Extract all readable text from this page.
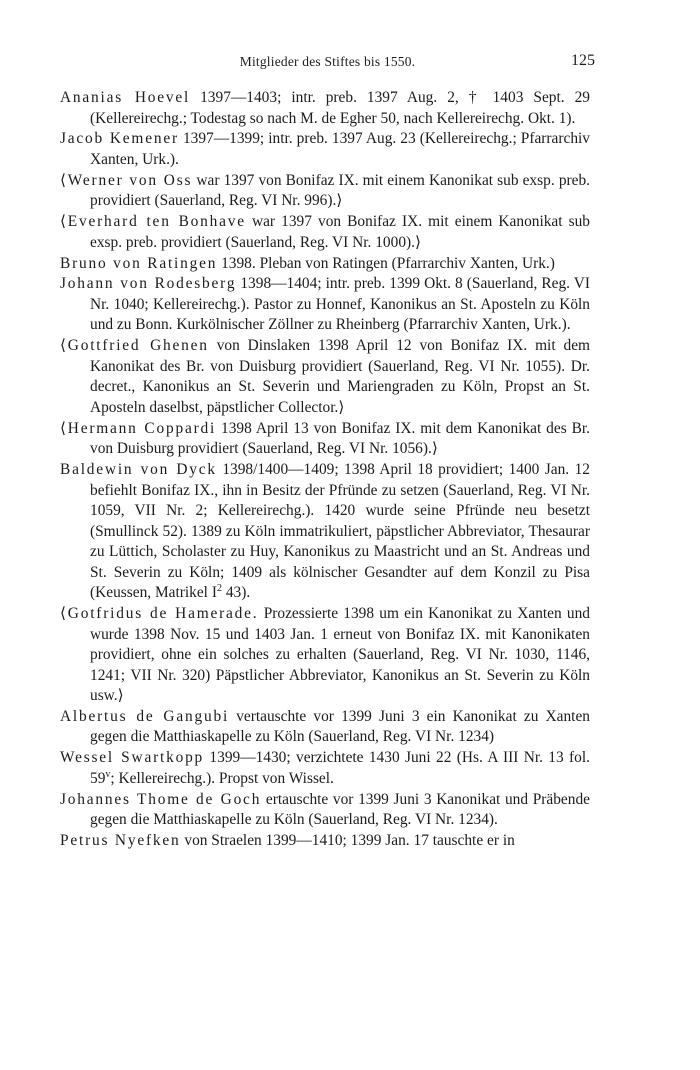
Mitglieder des Stiftes bis 1550.	125

Ananias Hoevel 1397—1403; intr. preb. 1397 Aug. 2, † 1403 Sept. 29 (Kellereirechg.; Todestag so nach M. de Egher 50, nach Kellereirechg. Okt. 1).

Jacob Kemener 1397—1399; intr. preb. 1397 Aug. 23 (Kellereirechg.; Pfarrarchiv Xanten, Urk.).

⟨Werner von Oss war 1397 von Bonifaz IX. mit einem Kanonikat sub exsp. preb. providiert (Sauerland, Reg. VI Nr. 996).⟩

⟨Everhard ten Bonhave war 1397 von Bonifaz IX. mit einem Kanonikat sub exsp. preb. providiert (Sauerland, Reg. VI Nr. 1000).⟩

Bruno von Ratingen 1398. Pleban von Ratingen (Pfarrarchiv Xanten, Urk.)

Johann von Rodesberg 1398—1404; intr. preb. 1399 Okt. 8 (Sauerland, Reg. VI Nr. 1040; Kellereirechg.). Pastor zu Honnef, Kanonikus an St. Aposteln zu Köln und zu Bonn. Kurkölnischer Zöllner zu Rheinberg (Pfarrarchiv Xanten, Urk.).

⟨Gottfried Ghenen von Dinslaken 1398 April 12 von Bonifaz IX. mit dem Kanonikat des Br. von Duisburg providiert (Sauerland, Reg. VI Nr. 1055). Dr. decret., Kanonikus an St. Severin und Mariengraden zu Köln, Propst an St. Aposteln daselbst, päpstlicher Collector.⟩

⟨Hermann Coppardi 1398 April 13 von Bonifaz IX. mit dem Kanonikat des Br. von Duisburg providiert (Sauerland, Reg. VI Nr. 1056).⟩

Baldewin von Dyck 1398/1400—1409; 1398 April 18 providiert; 1400 Jan. 12 befiehlt Bonifaz IX., ihn in Besitz der Pfründe zu setzen (Sauerland, Reg. VI Nr. 1059, VII Nr. 2; Kellereirechg.). 1420 wurde seine Pfründe neu besetzt (Smullinck 52). 1389 zu Köln immatrikuliert, päpstlicher Abbreviator, Thesaurar zu Lüttich, Scholaster zu Huy, Kanonikus zu Maastricht und an St. Andreas und St. Severin zu Köln; 1409 als kölnischer Gesandter auf dem Konzil zu Pisa (Keussen, Matrikel $I^2$ 43).

⟨Gotfridus de Hamerade. Prozessierte 1398 um ein Kanonikat zu Xanten und wurde 1398 Nov. 15 und 1403 Jan. 1 erneut von Bonifaz IX. mit Kanonikaten providiert, ohne ein solches zu erhalten (Sauerland, Reg. VI Nr. 1030, 1146, 1241; VII Nr. 320) Päpstlicher Abbreviator, Kanonikus an St. Severin zu Köln usw.⟩

Albertus de Gangubi vertauschte vor 1399 Juni 3 ein Kanonikat zu Xanten gegen die Matthiaskapelle zu Köln (Sauerland, Reg. VI Nr. 1234)

Wessel Swartkopp 1399—1430; verzichtete 1430 Juni 22 (Hs. A III Nr. 13 fol. 59$^v$; Kellereirechg.). Propst von Wissel.

Johannes Thome de Goch ertauschte vor 1399 Juni 3 Kanonikat und Präbende gegen die Matthiaskapelle zu Köln (Sauerland, Reg. VI Nr. 1234).

Petrus Nyefken von Straelen 1399—1410; 1399 Jan. 17 tauschte er in
